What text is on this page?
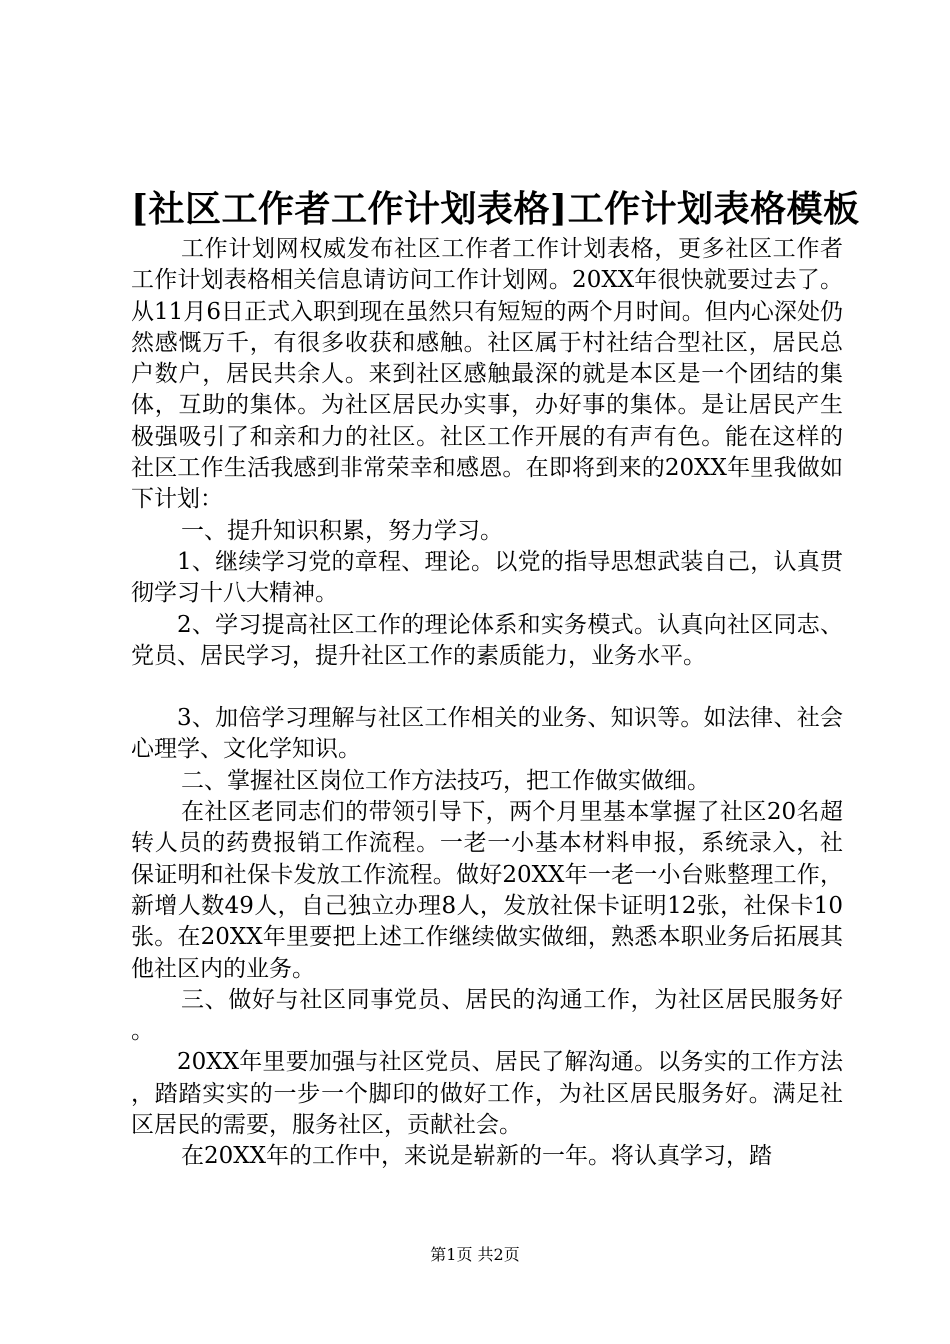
[社区工作者工作计划表格]工作计划表格模板

工作计划网权威发布社区工作者工作计划表格，更多社区工作者工作计划表格相关信息请访问工作计划网。20XX年很快就要过去了。从11月6日正式入职到现在虽然只有短短的两个月时间。但内心深处仍然感慨万千，有很多收获和感触。社区属于村社结合型社区，居民总户数户，居民共余人。来到社区感触最深的就是本区是一个团结的集体，互助的集体。为社区居民办实事，办好事的集体。是让居民产生极强吸引了和亲和力的社区。社区工作开展的有声有色。能在这样的社区工作生活我感到非常荣幸和感恩。在即将到来的20XX年里我做如下计划：

一、提升知识积累，努力学习。

1、继续学习党的章程、理论。以党的指导思想武装自己，认真贯彻学习十八大精神。

2、学习提高社区工作的理论体系和实务模式。认真向社区同志、党员、居民学习，提升社区工作的素质能力，业务水平。

3、加倍学习理解与社区工作相关的业务、知识等。如法律、社会心理学、文化学知识。

二、掌握社区岗位工作方法技巧，把工作做实做细。

在社区老同志们的带领引导下，两个月里基本掌握了社区20名超转人员的药费报销工作流程。一老一小基本材料申报，系统录入，社保证明和社保卡发放工作流程。做好20XX年一老一小台账整理工作，新增人数49人，自己独立办理8人，发放社保卡证明12张，社保卡10张。在20XX年里要把上述工作继续做实做细，熟悉本职业务后拓展其他社区内的业务。

三、做好与社区同事党员、居民的沟通工作，为社区居民服务好。

20XX年里要加强与社区党员、居民了解沟通。以务实的工作方法，踏踏实实的一步一个脚印的做好工作，为社区居民服务好。满足社区居民的需要，服务社区，贡献社会。

在20XX年的工作中，来说是崭新的一年。将认真学习，踏

第1页 共2页
